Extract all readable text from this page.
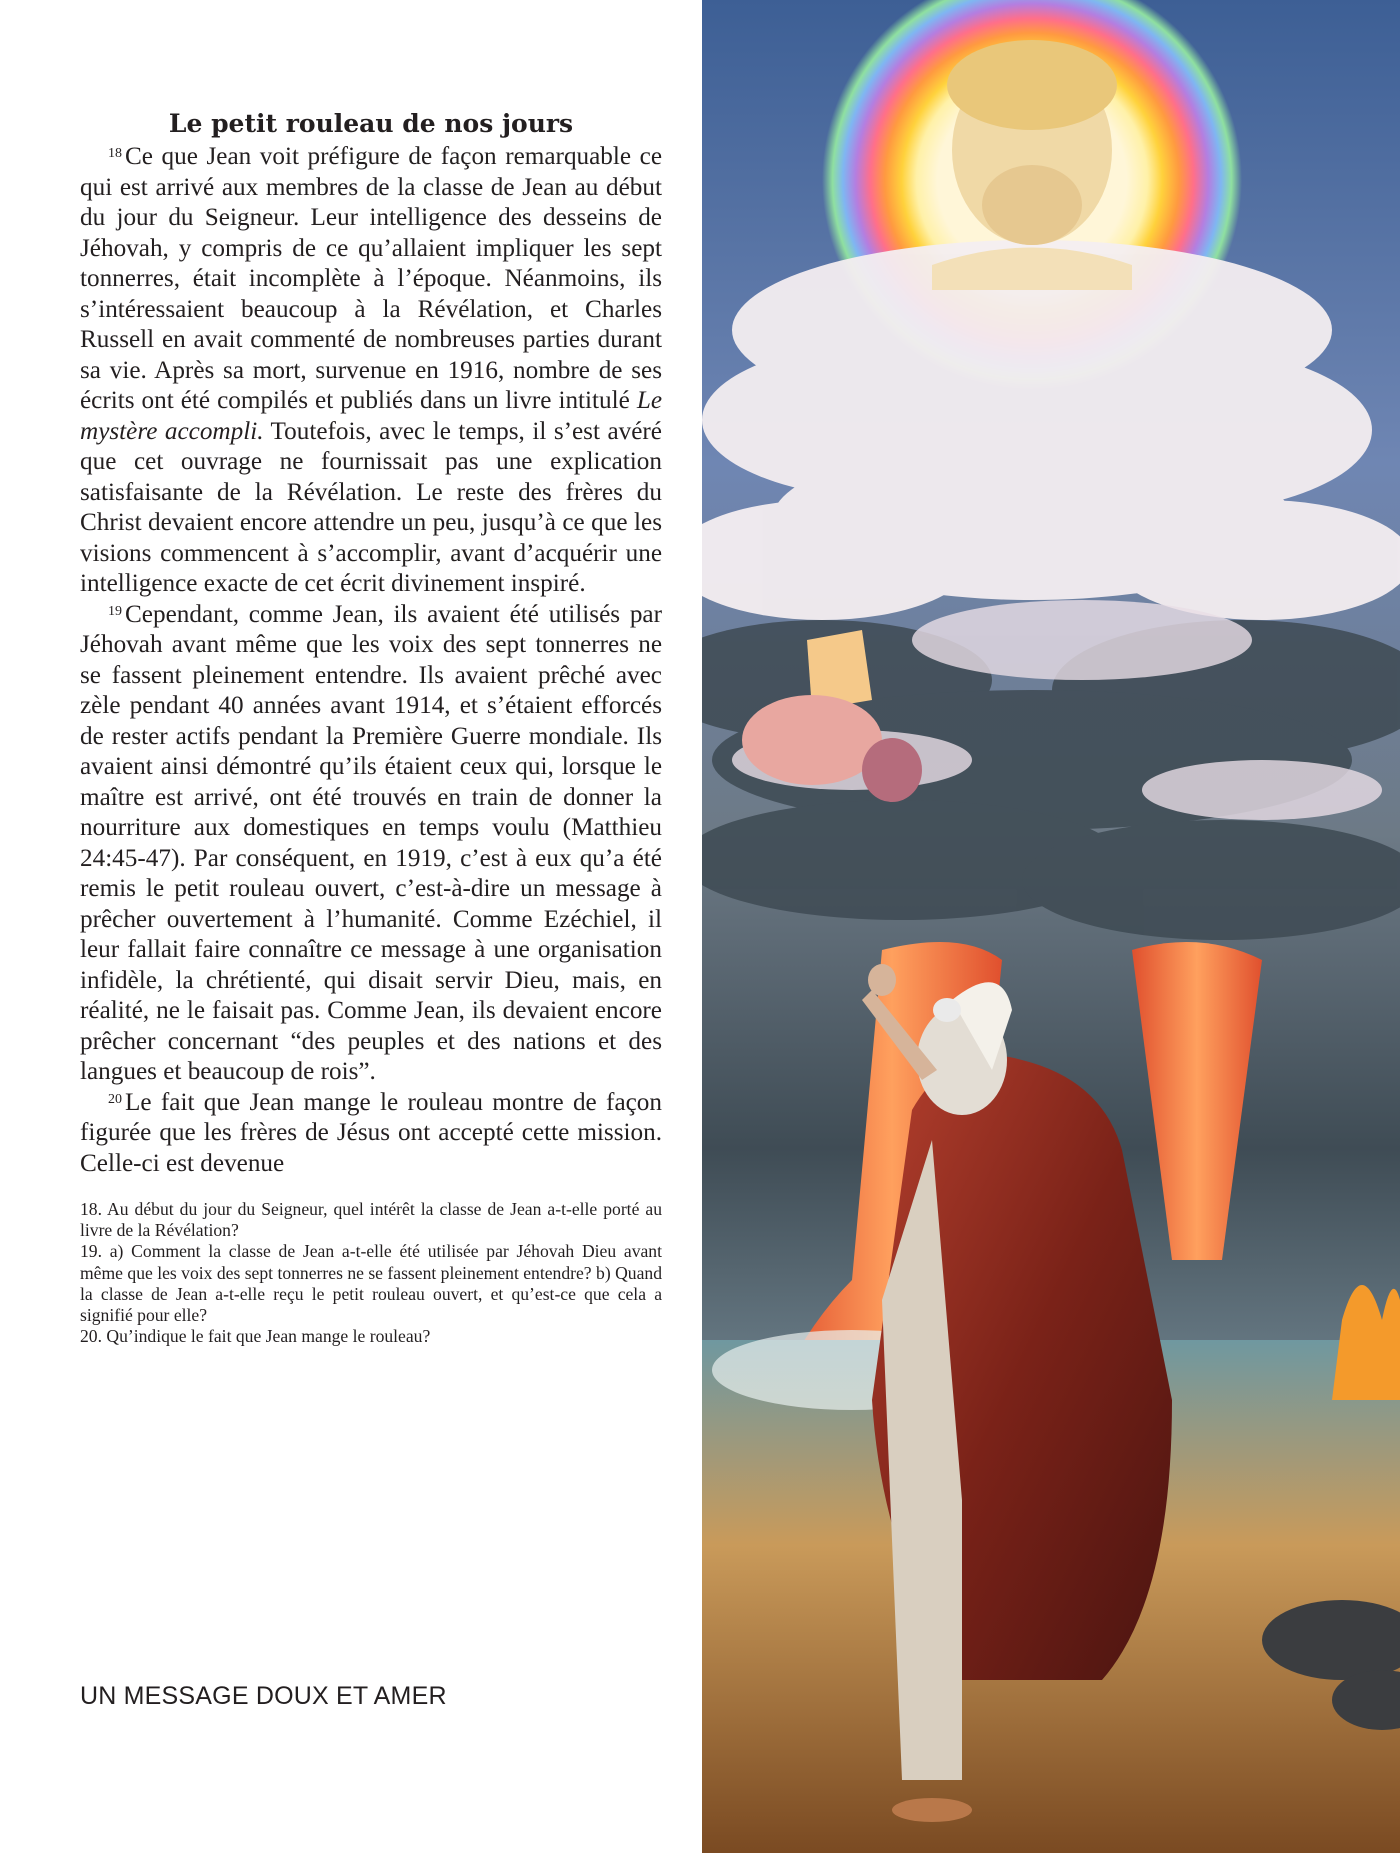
Le petit rouleau de nos jours

$^{18}$ Ce que Jean voit préfigure de façon remarquable ce qui est arrivé aux membres de la classe de Jean au début du jour du Seigneur. Leur intelligence des desseins de Jéhovah, y compris de ce qu’allaient impliquer les sept tonnerres, était incomplète à l’époque. Néanmoins, ils s’intéressaient beaucoup à la Révélation, et Charles Russell en avait commenté de nombreuses parties durant sa vie. Après sa mort, survenue en 1916, nombre de ses écrits ont été compilés et publiés dans un livre intitulé Le mystère accompli. Toutefois, avec le temps, il s’est avéré que cet ouvrage ne fournissait pas une explication satisfaisante de la Révélation. Le reste des frères du Christ devaient encore attendre un peu, jusqu’à ce que les visions commencent à s’accomplir, avant d’acquérir une intelligence exacte de cet écrit divinement inspiré.

$^{19}$ Cependant, comme Jean, ils avaient été utilisés par Jéhovah avant même que les voix des sept tonnerres ne se fassent pleinement entendre. Ils avaient prêché avec zèle pendant 40 années avant 1914, et s’étaient efforcés de rester actifs pendant la Première Guerre mondiale. Ils avaient ainsi démontré qu’ils étaient ceux qui, lorsque le maître est arrivé, ont été trouvés en train de donner la nourriture aux domestiques en temps voulu (Matthieu 24:45-47). Par conséquent, en 1919, c’est à eux qu’a été remis le petit rouleau ouvert, c’est-à-dire un message à prêcher ouvertement à l’humanité. Comme Ezéchiel, il leur fallait faire connaître ce message à une organisation infidèle, la chrétienté, qui disait servir Dieu, mais, en réalité, ne le faisait pas. Comme Jean, ils devaient encore prêcher concernant “des peuples et des nations et des langues et beaucoup de rois”.

$^{20}$ Le fait que Jean mange le rouleau montre de façon figurée que les frères de Jésus ont accepté cette mission. Celle-ci est devenue

18. Au début du jour du Seigneur, quel intérêt la classe de Jean a-t-elle porté au livre de la Révélation?

19. a) Comment la classe de Jean a-t-elle été utilisée par Jéhovah Dieu avant même que les voix des sept tonnerres ne se fassent pleinement entendre? b) Quand la classe de Jean a-t-elle reçu le petit rouleau ouvert, et qu’est-ce que cela a signifié pour elle?

20. Qu’indique le fait que Jean mange le rouleau?

UN MESSAGE DOUX ET AMER
